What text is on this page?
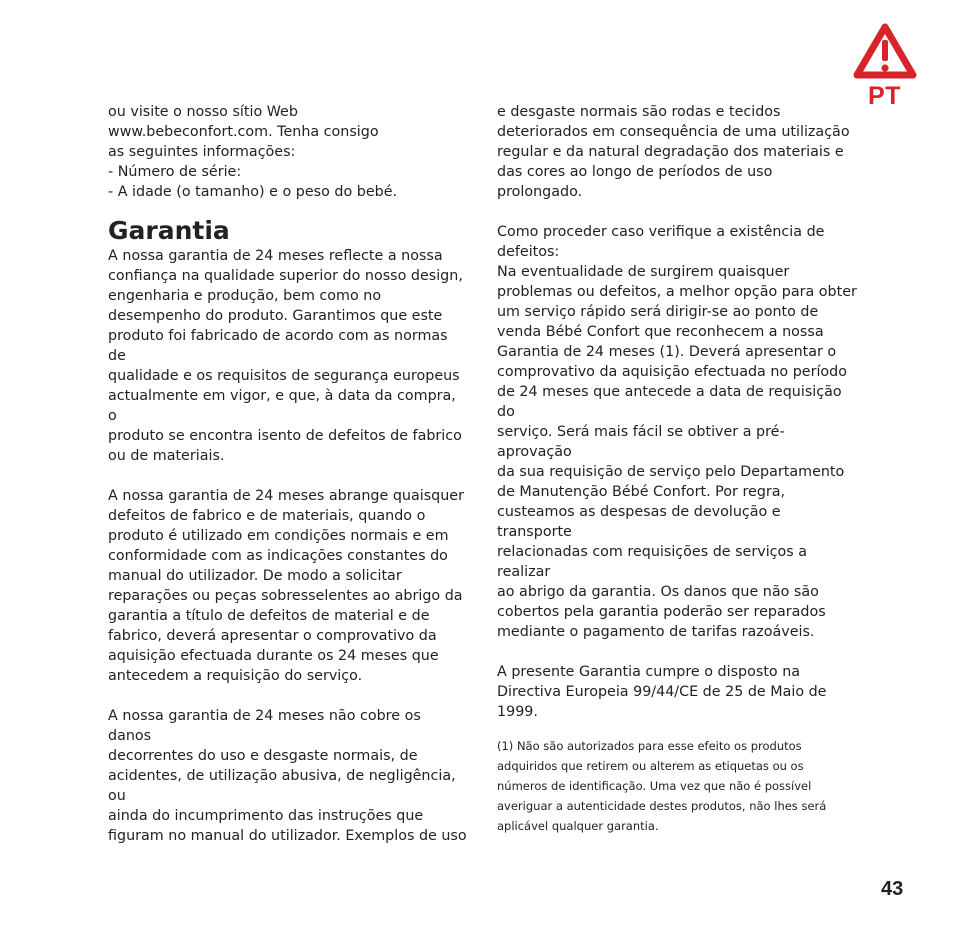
PT
ou visite o nosso sítio Web
www.bebeconfort.com. Tenha consigo
as seguintes informações:
- Número de série:
- A idade (o tamanho) e o peso do bebé.
Garantia
A nossa garantia de 24 meses reflecte a nossa
confiança na qualidade superior do nosso design,
engenharia e produção, bem como no
desempenho do produto. Garantimos que este
produto foi fabricado de acordo com as normas de
qualidade e os requisitos de segurança europeus
actualmente em vigor, e que, à data da compra, o
produto se encontra isento de defeitos de fabrico
ou de materiais.
A nossa garantia de 24 meses abrange quaisquer
defeitos de fabrico e de materiais, quando o
produto é utilizado em condições normais e em
conformidade com as indicações constantes do
manual do utilizador. De modo a solicitar
reparações ou peças sobresselentes ao abrigo da
garantia a título de defeitos de material e de
fabrico, deverá apresentar o comprovativo da
aquisição efectuada durante os 24 meses que
antecedem a requisição do serviço.
A nossa garantia de 24 meses não cobre os danos
decorrentes do uso e desgaste normais, de
acidentes, de utilização abusiva, de negligência, ou
ainda do incumprimento das instruções que
figuram no manual do utilizador. Exemplos de uso
e desgaste normais são rodas e tecidos
deteriorados em consequência de uma utilização
regular e da natural degradação dos materiais e
das cores ao longo de períodos de uso prolongado.
Como proceder caso verifique a existência de
defeitos:
Na eventualidade de surgirem quaisquer
problemas ou defeitos, a melhor opção para obter
um serviço rápido será dirigir-se ao ponto de
venda Bébé Confort que reconhecem a nossa
Garantia de 24 meses (1). Deverá apresentar o
comprovativo da aquisição efectuada no período
de 24 meses que antecede a data de requisição do
serviço. Será mais fácil se obtiver a pré-aprovação
da sua requisição de serviço pelo Departamento
de Manutenção Bébé Confort. Por regra,
custeamos as despesas de devolução e transporte
relacionadas com requisições de serviços a realizar
ao abrigo da garantia. Os danos que não são
cobertos pela garantia poderão ser reparados
mediante o pagamento de tarifas razoáveis.
A presente Garantia cumpre o disposto na
Directiva Europeia 99/44/CE de 25 de Maio de
1999.
(1) Não são autorizados para esse efeito os produtos
adquiridos que retirem ou alterem as etiquetas ou os
números de identificação. Uma vez que não é possível
averiguar a autenticidade destes produtos, não lhes será
aplicável qualquer garantia.
43
